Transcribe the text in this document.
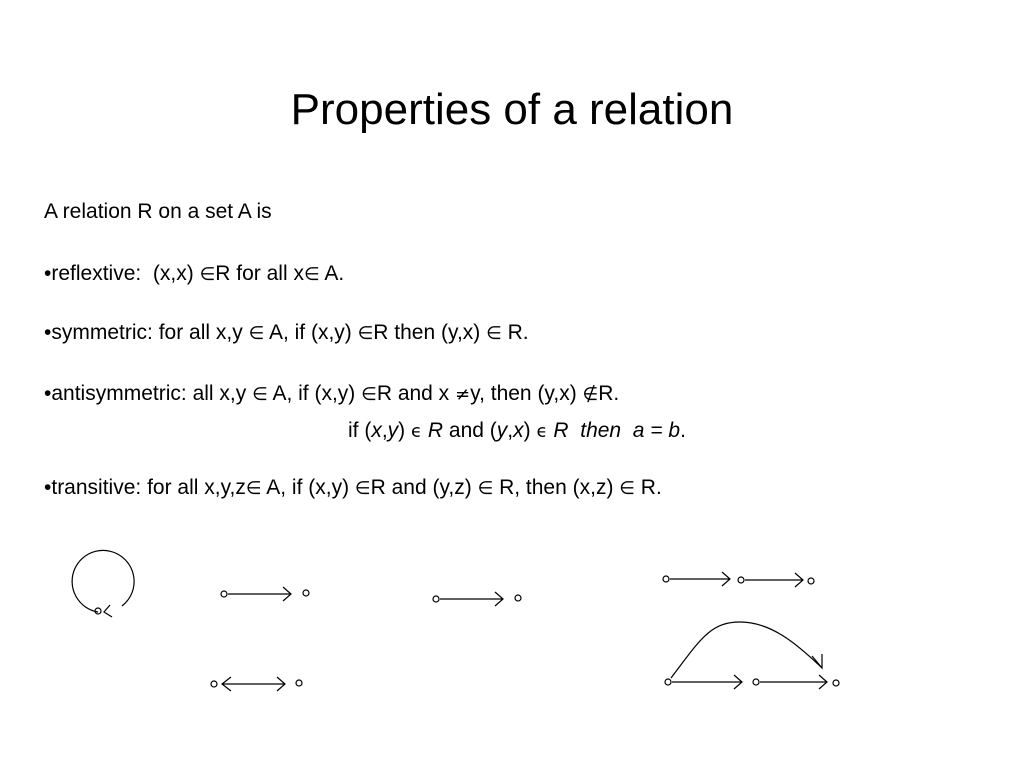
Properties of a relation
A relation R on a set A is
•reflextive: (x,x) ∈R for all x∈ A.
•symmetric: for all x,y ∈ A, if (x,y) ∈R then (y,x) ∈ R.
•antisymmetric: all x,y ∈ A, if (x,y) ∈R and x ≠y, then (y,x) ∉R.
if (x,y) ϵ R and (y,x) ϵ R then a = b.
•transitive: for all x,y,z∈ A, if (x,y) ∈R and (y,z) ∈ R, then (x,z) ∈ R.
